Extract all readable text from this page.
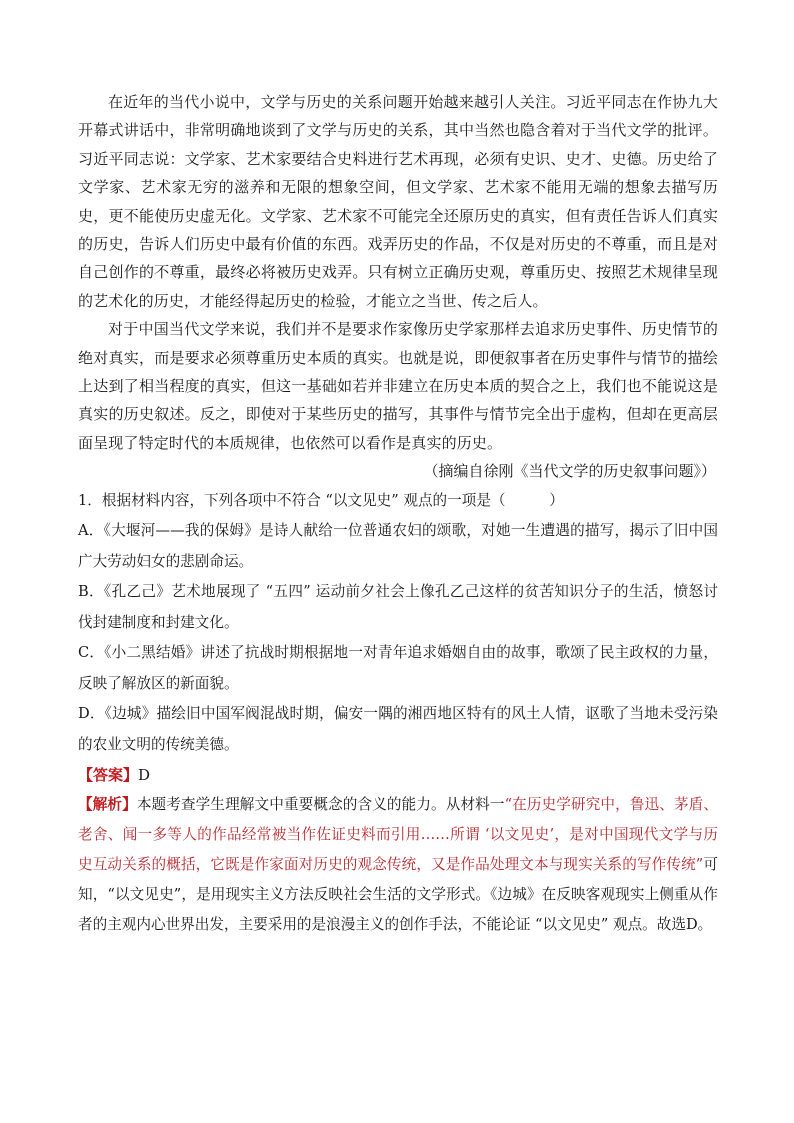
在近年的当代小说中，文学与历史的关系问题开始越来越引人关注。习近平同志在作协九大开幕式讲话中，非常明确地谈到了文学与历史的关系，其中当然也隐含着对于当代文学的批评。习近平同志说：文学家、艺术家要结合史料进行艺术再现，必须有史识、史才、史德。历史给了文学家、艺术家无穷的滋养和无限的想象空间，但文学家、艺术家不能用无端的想象去描写历史，更不能使历史虚无化。文学家、艺术家不可能完全还原历史的真实，但有责任告诉人们真实的历史，告诉人们历史中最有价值的东西。戏弄历史的作品，不仅是对历史的不尊重，而且是对自己创作的不尊重，最终必将被历史戏弄。只有树立正确历史观，尊重历史、按照艺术规律呈现的艺术化的历史，才能经得起历史的检验，才能立之当世、传之后人。

对于中国当代文学来说，我们并不是要求作家像历史学家那样去追求历史事件、历史情节的绝对真实，而是要求必须尊重历史本质的真实。也就是说，即便叙事者在历史事件与情节的描绘上达到了相当程度的真实，但这一基础如若并非建立在历史本质的契合之上，我们也不能说这是真实的历史叙述。反之，即使对于某些历史的描写，其事件与情节完全出于虚构，但却在更高层面呈现了特定时代的本质规律，也依然可以看作是真实的历史。

（摘编自徐刚《当代文学的历史叙事问题》）

1．根据材料内容，下列各项中不符合 “以文见史” 观点的一项是（　　　）

A．《大堰河——我的保姆》是诗人献给一位普通农妇的颂歌，对她一生遭遇的描写，揭示了旧中国广大劳动妇女的悲剧命运。

B．《孔乙己》艺术地展现了 “五四” 运动前夕社会上像孔乙己这样的贫苦知识分子的生活，愤怒讨伐封建制度和封建文化。

C．《小二黑结婚》讲述了抗战时期根据地一对青年追求婚姻自由的故事，歌颂了民主政权的力量，反映了解放区的新面貌。

D．《边城》描绘旧中国军阀混战时期，偏安一隅的湘西地区特有的风土人情，讴歌了当地未受污染的农业文明的传统美德。

【答案】D

【解析】本题考查学生理解文中重要概念的含义的能力。从材料一“在历史学研究中，鲁迅、茅盾、老舍、闻一多等人的作品经常被当作佐证史料而引用……所谓 ‘以文见史’，是对中国现代文学与历史互动关系的概括，它既是作家面对历史的观念传统，又是作品处理文本与现实关系的写作传统”可知，“以文见史”，是用现实主义方法反映社会生活的文学形式。《边城》在反映客观现实上侧重从作者的主观内心世界出发，主要采用的是浪漫主义的创作手法，不能论证 “以文见史” 观点。故选D。
